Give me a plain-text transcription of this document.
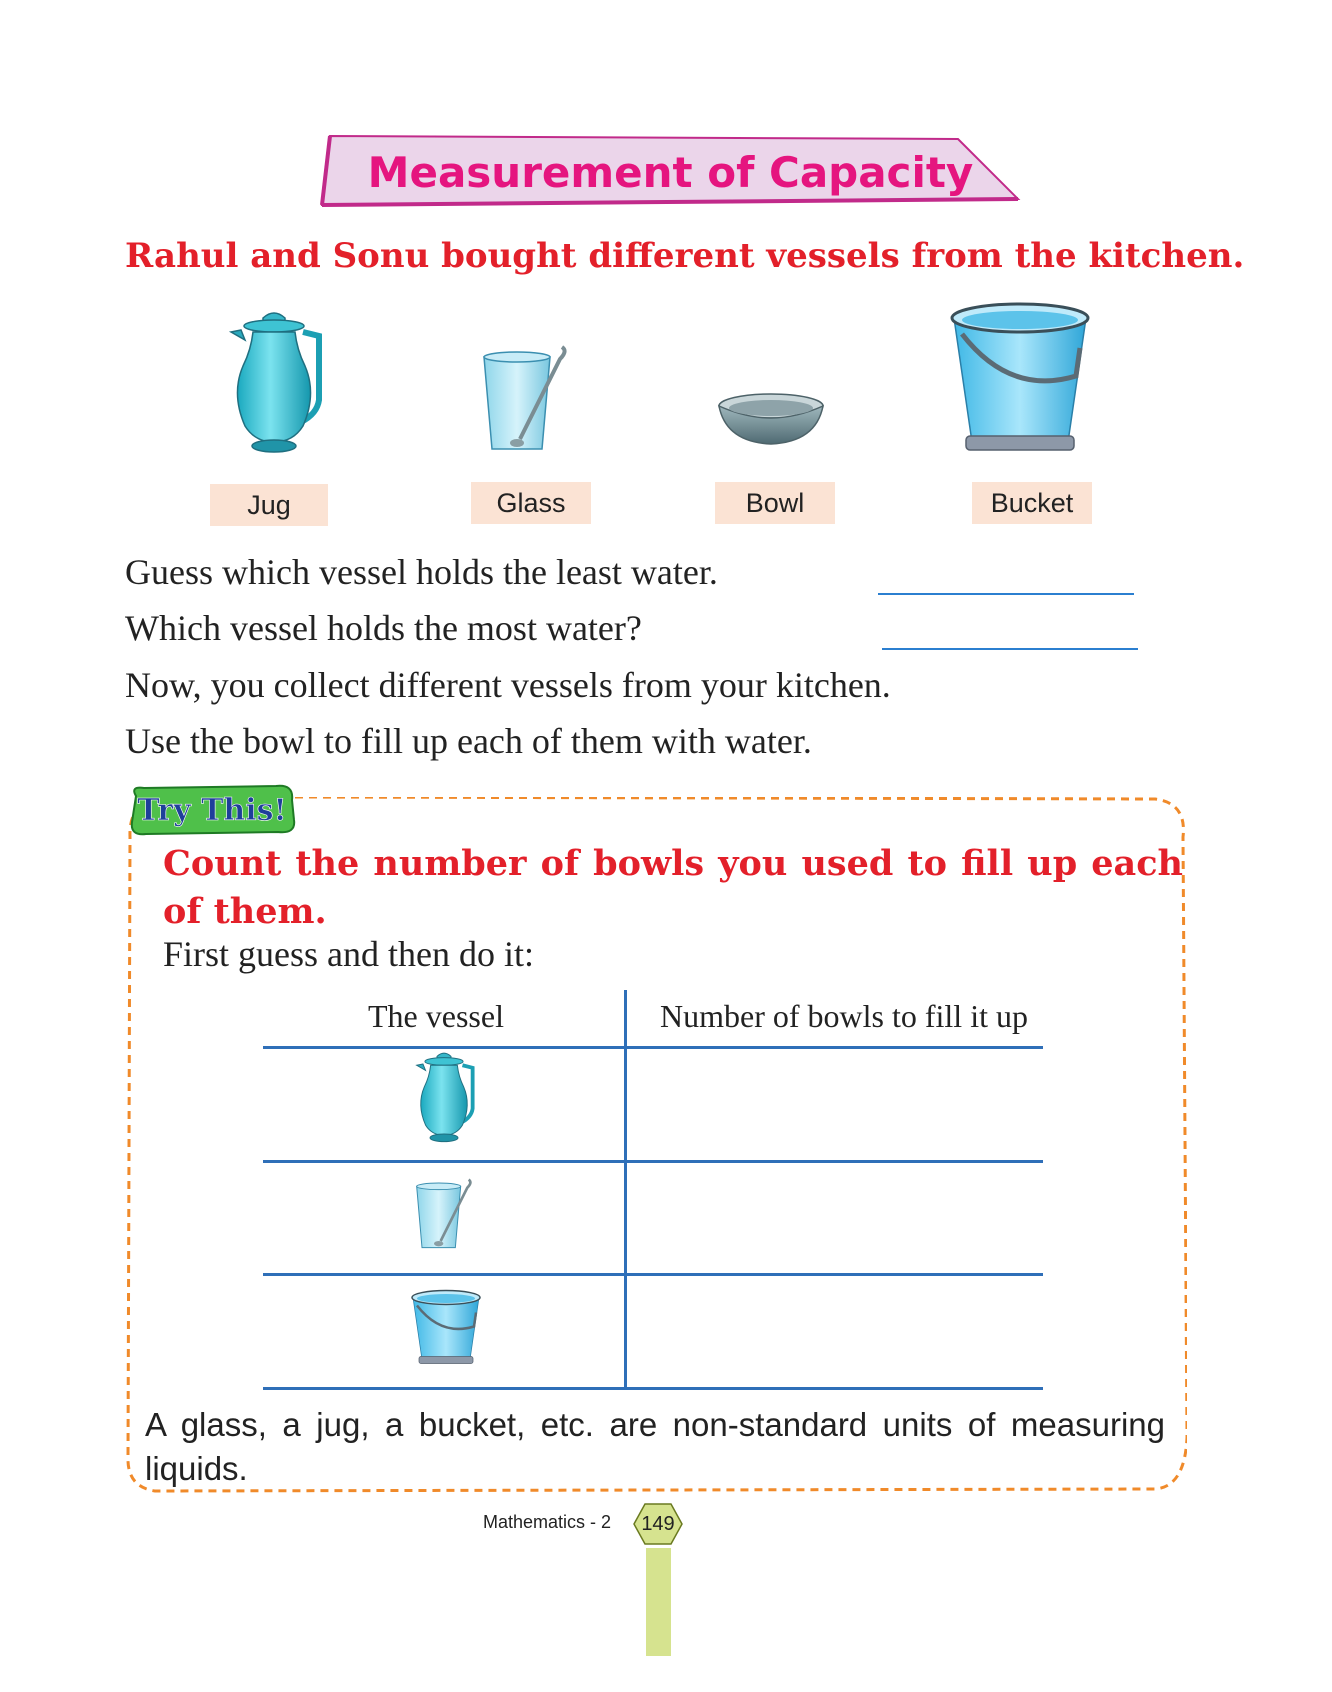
Measurement of Capacity
Rahul and Sonu bought different vessels from the kitchen.
Jug	Glass	Bowl	Bucket
Guess which vessel holds the least water.
Which vessel holds the most water?
Now, you collect different vessels from your kitchen.
Use the bowl to fill up each of them with water.
Try This!
Count the number of bowls you used to fill up each of them.
First guess and then do it:
The vessel	Number of bowls to fill it up
A glass, a jug, a bucket, etc. are non-standard units of measuring liquids.
Mathematics - 2	149
